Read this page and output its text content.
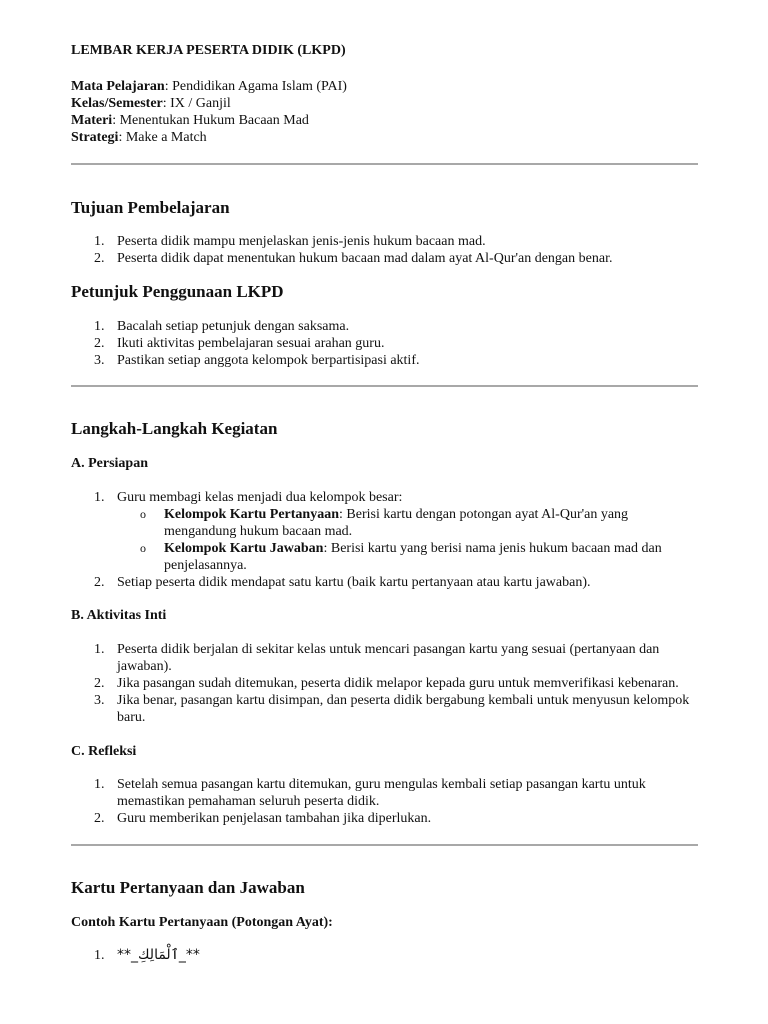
LEMBAR KERJA PESERTA DIDIK (LKPD)

Mata Pelajaran: Pendidikan Agama Islam (PAI)

Kelas/Semester: IX / Ganjil

Materi: Menentukan Hukum Bacaan Mad

Strategi: Make a Match

Tujuan Pembelajaran
1. Peserta didik mampu menjelaskan jenis-jenis hukum bacaan mad.
2. Peserta didik dapat menentukan hukum bacaan mad dalam ayat Al-Qur'an dengan benar.
Petunjuk Penggunaan LKPD
1. Bacalah setiap petunjuk dengan saksama.
2. Ikuti aktivitas pembelajaran sesuai arahan guru.
3. Pastikan setiap anggota kelompok berpartisipasi aktif.
Langkah-Langkah Kegiatan
A. Persiapan
1. Guru membagi kelas menjadi dua kelompok besar:
o Kelompok Kartu Pertanyaan: Berisi kartu dengan potongan ayat Al-Qur'an yang mengandung hukum bacaan mad.
o Kelompok Kartu Jawaban: Berisi kartu yang berisi nama jenis hukum bacaan mad dan penjelasannya.
2. Setiap peserta didik mendapat satu kartu (baik kartu pertanyaan atau kartu jawaban).
B. Aktivitas Inti
1. Peserta didik berjalan di sekitar kelas untuk mencari pasangan kartu yang sesuai (pertanyaan dan jawaban).
2. Jika pasangan sudah ditemukan, peserta didik melapor kepada guru untuk memverifikasi kebenaran.
3. Jika benar, pasangan kartu disimpan, dan peserta didik bergabung kembali untuk menyusun kelompok baru.
C. Refleksi
1. Setelah semua pasangan kartu ditemukan, guru mengulas kembali setiap pasangan kartu untuk memastikan pemahaman seluruh peserta didik.
2. Guru memberikan penjelasan tambahan jika diperlukan.
Kartu Pertanyaan dan Jawaban
Contoh Kartu Pertanyaan (Potongan Ayat):
1. **_ٱلْمَالِكِ_**
